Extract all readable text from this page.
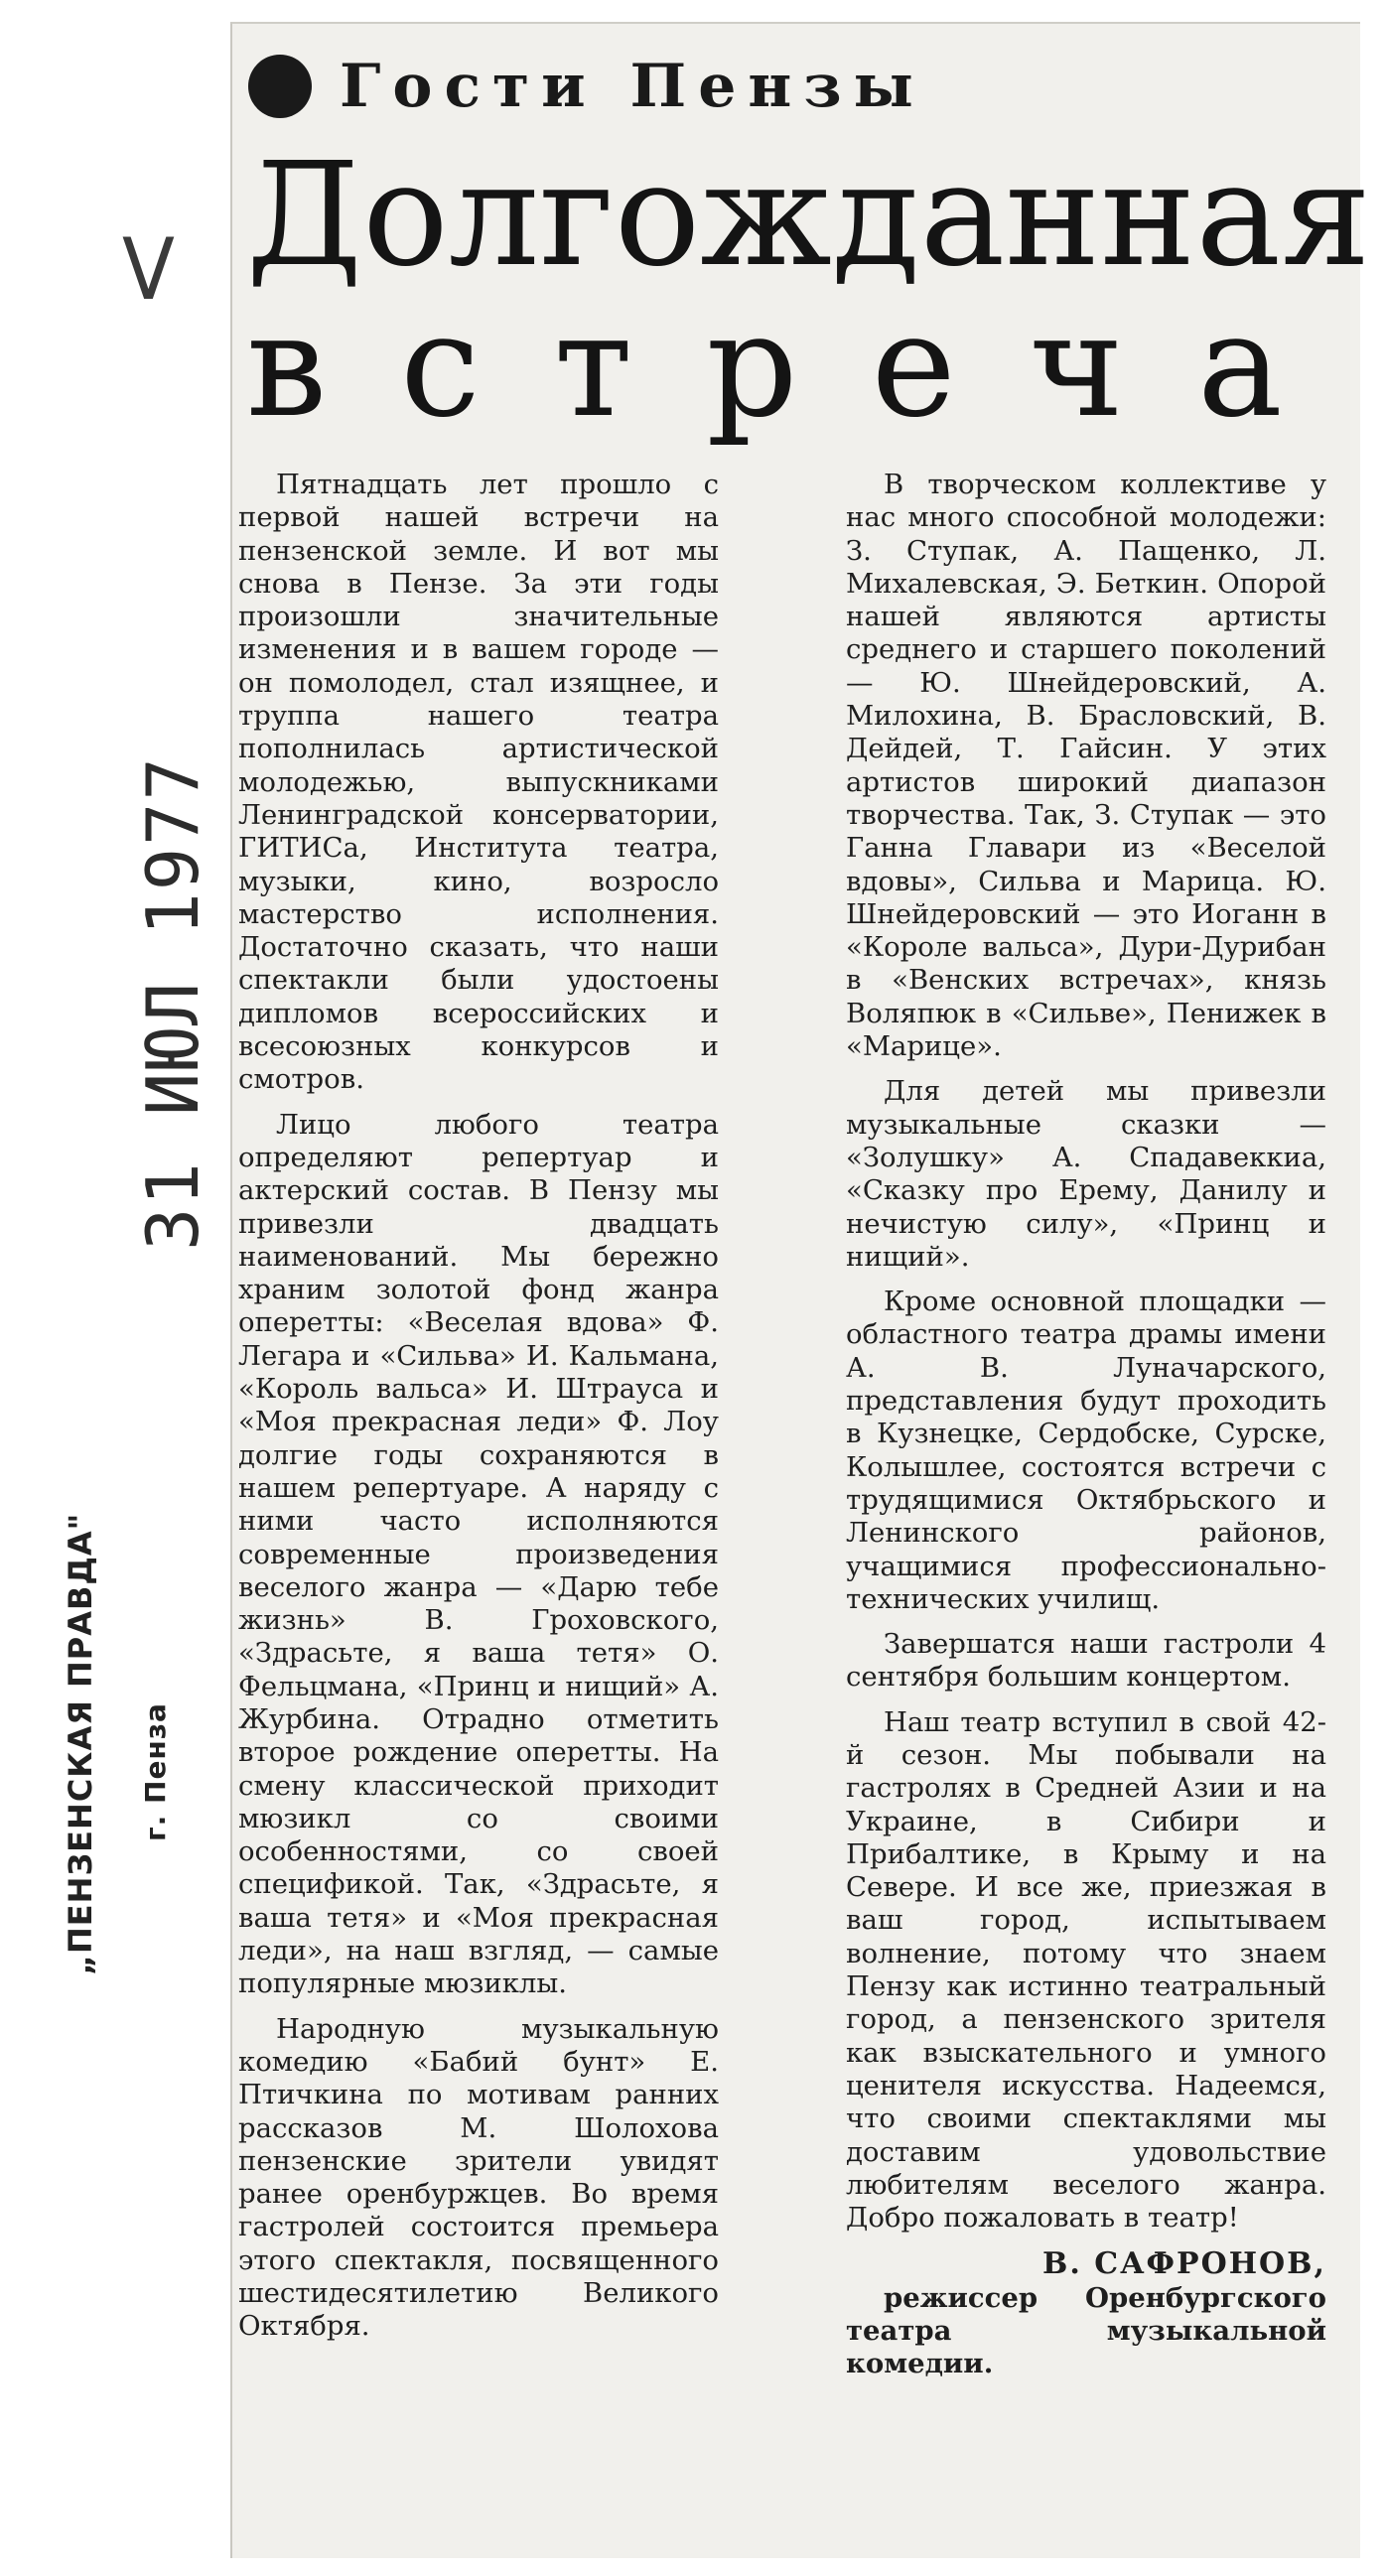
V
Гости Пензы
Долгожданная
встреча
31 ИЮЛ 1977
„ПЕНЗЕНСКАЯ ПРАВДА" г. Пенза

Пятнадцать лет прошло с первой нашей встречи на пензенской земле. И вот мы снова в Пензе. За эти годы произошли значительные изменения и в вашем городе — он помолодел, стал изящнее, и труппа нашего театра пополнилась артистической молодежью, выпускниками Ленинградской консерватории, ГИТИСа, Института театра, музыки, кино, возросло мастерство исполнения. Достаточно сказать, что наши спектакли были удостоены дипломов всероссийских и всесоюзных конкурсов и смотров.

Лицо любого театра определяют репертуар и актерский состав. В Пензу мы привезли двадцать наименований. Мы бережно храним золотой фонд жанра оперетты: «Веселая вдова» Ф. Легара и «Сильва» И. Кальмана, «Король вальса» И. Штрауса и «Моя прекрасная леди» Ф. Лоу долгие годы сохраняются в нашем репертуаре. А наряду с ними часто исполняются современные произведения веселого жанра — «Дарю тебе жизнь» В. Гроховского, «Здрасьте, я ваша тетя» О. Фельцмана, «Принц и нищий» А. Журбина. Отрадно отметить второе рождение оперетты. На смену классической приходит мюзикл со своими особенностями, со своей спецификой. Так, «Здрасьте, я ваша тетя» и «Моя прекрасная леди», на наш взгляд, — самые популярные мюзиклы.

Народную музыкальную комедию «Бабий бунт» Е. Птичкина по мотивам ранних рассказов М. Шолохова пензенские зрители увидят ранее оренбуржцев. Во время гастролей состоится премьера этого спектакля, посвященного шестидесятилетию Великого Октября.

В творческом коллективе у нас много способной молодежи: З. Ступак, А. Пащенко, Л. Михалевская, Э. Беткин. Опорой нашей являются артисты среднего и старшего поколений — Ю. Шнейдеровский, А. Милохина, В. Брасловский, В. Дейдей, Т. Гайсин. У этих артистов широкий диапазон творчества. Так, З. Ступак — это Ганна Главари из «Веселой вдовы», Сильва и Марица. Ю. Шнейдеровский — это Иоганн в «Короле вальса», Дури-Дурибан в «Венских встречах», князь Воляпюк в «Сильве», Пенижек в «Марице».

Для детей мы привезли музыкальные сказки — «Золушку» А. Спадавеккиа, «Сказку про Ерему, Данилу и нечистую силу», «Принц и нищий».

Кроме основной площадки — областного театра драмы имени А. В. Луначарского, представления будут проходить в Кузнецке, Сердобске, Сурске, Колышлее, состоятся встречи с трудящимися Октябрьского и Ленинского районов, учащимися профессионально-технических училищ.

Завершатся наши гастроли 4 сентября большим концертом.

Наш театр вступил в свой 42-й сезон. Мы побывали на гастролях в Средней Азии и на Украине, в Сибири и Прибалтике, в Крыму и на Севере. И все же, приезжая в ваш город, испытываем волнение, потому что знаем Пензу как истинно театральный город, а пензенского зрителя как взыскательного и умного ценителя искусства. Надеемся, что своими спектаклями мы доставим удовольствие любителям веселого жанра. Добро пожаловать в театр!

В. САФРОНОВ,

режиссер Оренбургского театра музыкальной комедии.
